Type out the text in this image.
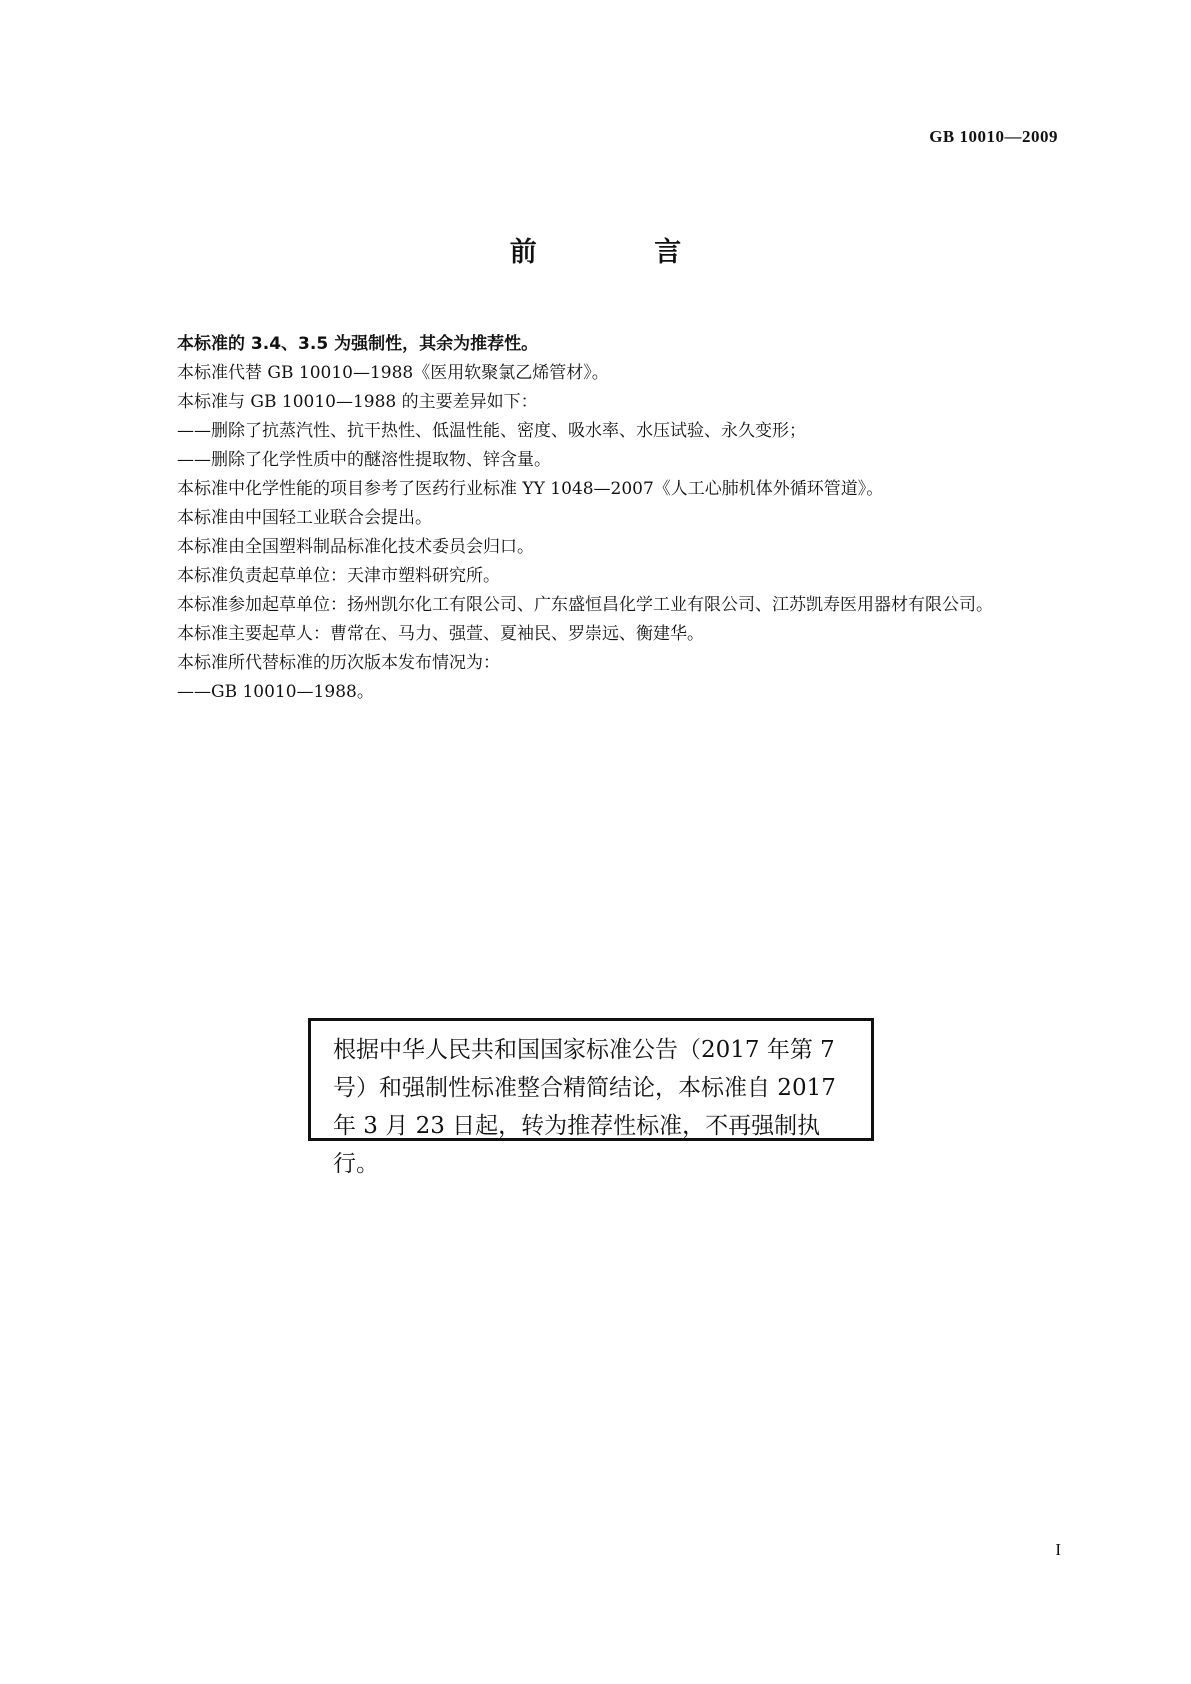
GB 10010—2009
前 言

本标准的 3.4、3.5 为强制性，其余为推荐性。

本标准代替 GB 10010—1988《医用软聚氯乙烯管材》。

本标准与 GB 10010—1988 的主要差异如下：

——删除了抗蒸汽性、抗干热性、低温性能、密度、吸水率、水压试验、永久变形；

——删除了化学性质中的醚溶性提取物、锌含量。

本标准中化学性能的项目参考了医药行业标准 YY 1048—2007《人工心肺机体外循环管道》。

本标准由中国轻工业联合会提出。

本标准由全国塑料制品标准化技术委员会归口。

本标准负责起草单位：天津市塑料研究所。

本标准参加起草单位：扬州凯尔化工有限公司、广东盛恒昌化学工业有限公司、江苏凯寿医用器材有限公司。

本标准主要起草人：曹常在、马力、强萱、夏袖民、罗崇远、衡建华。

本标准所代替标准的历次版本发布情况为：

——GB 10010—1988。

根据中华人民共和国国家标准公告（2017 年第 7 号）和强制性标准整合精简结论，本标准自 2017 年 3 月 23 日起，转为推荐性标准，不再强制执行。
I
